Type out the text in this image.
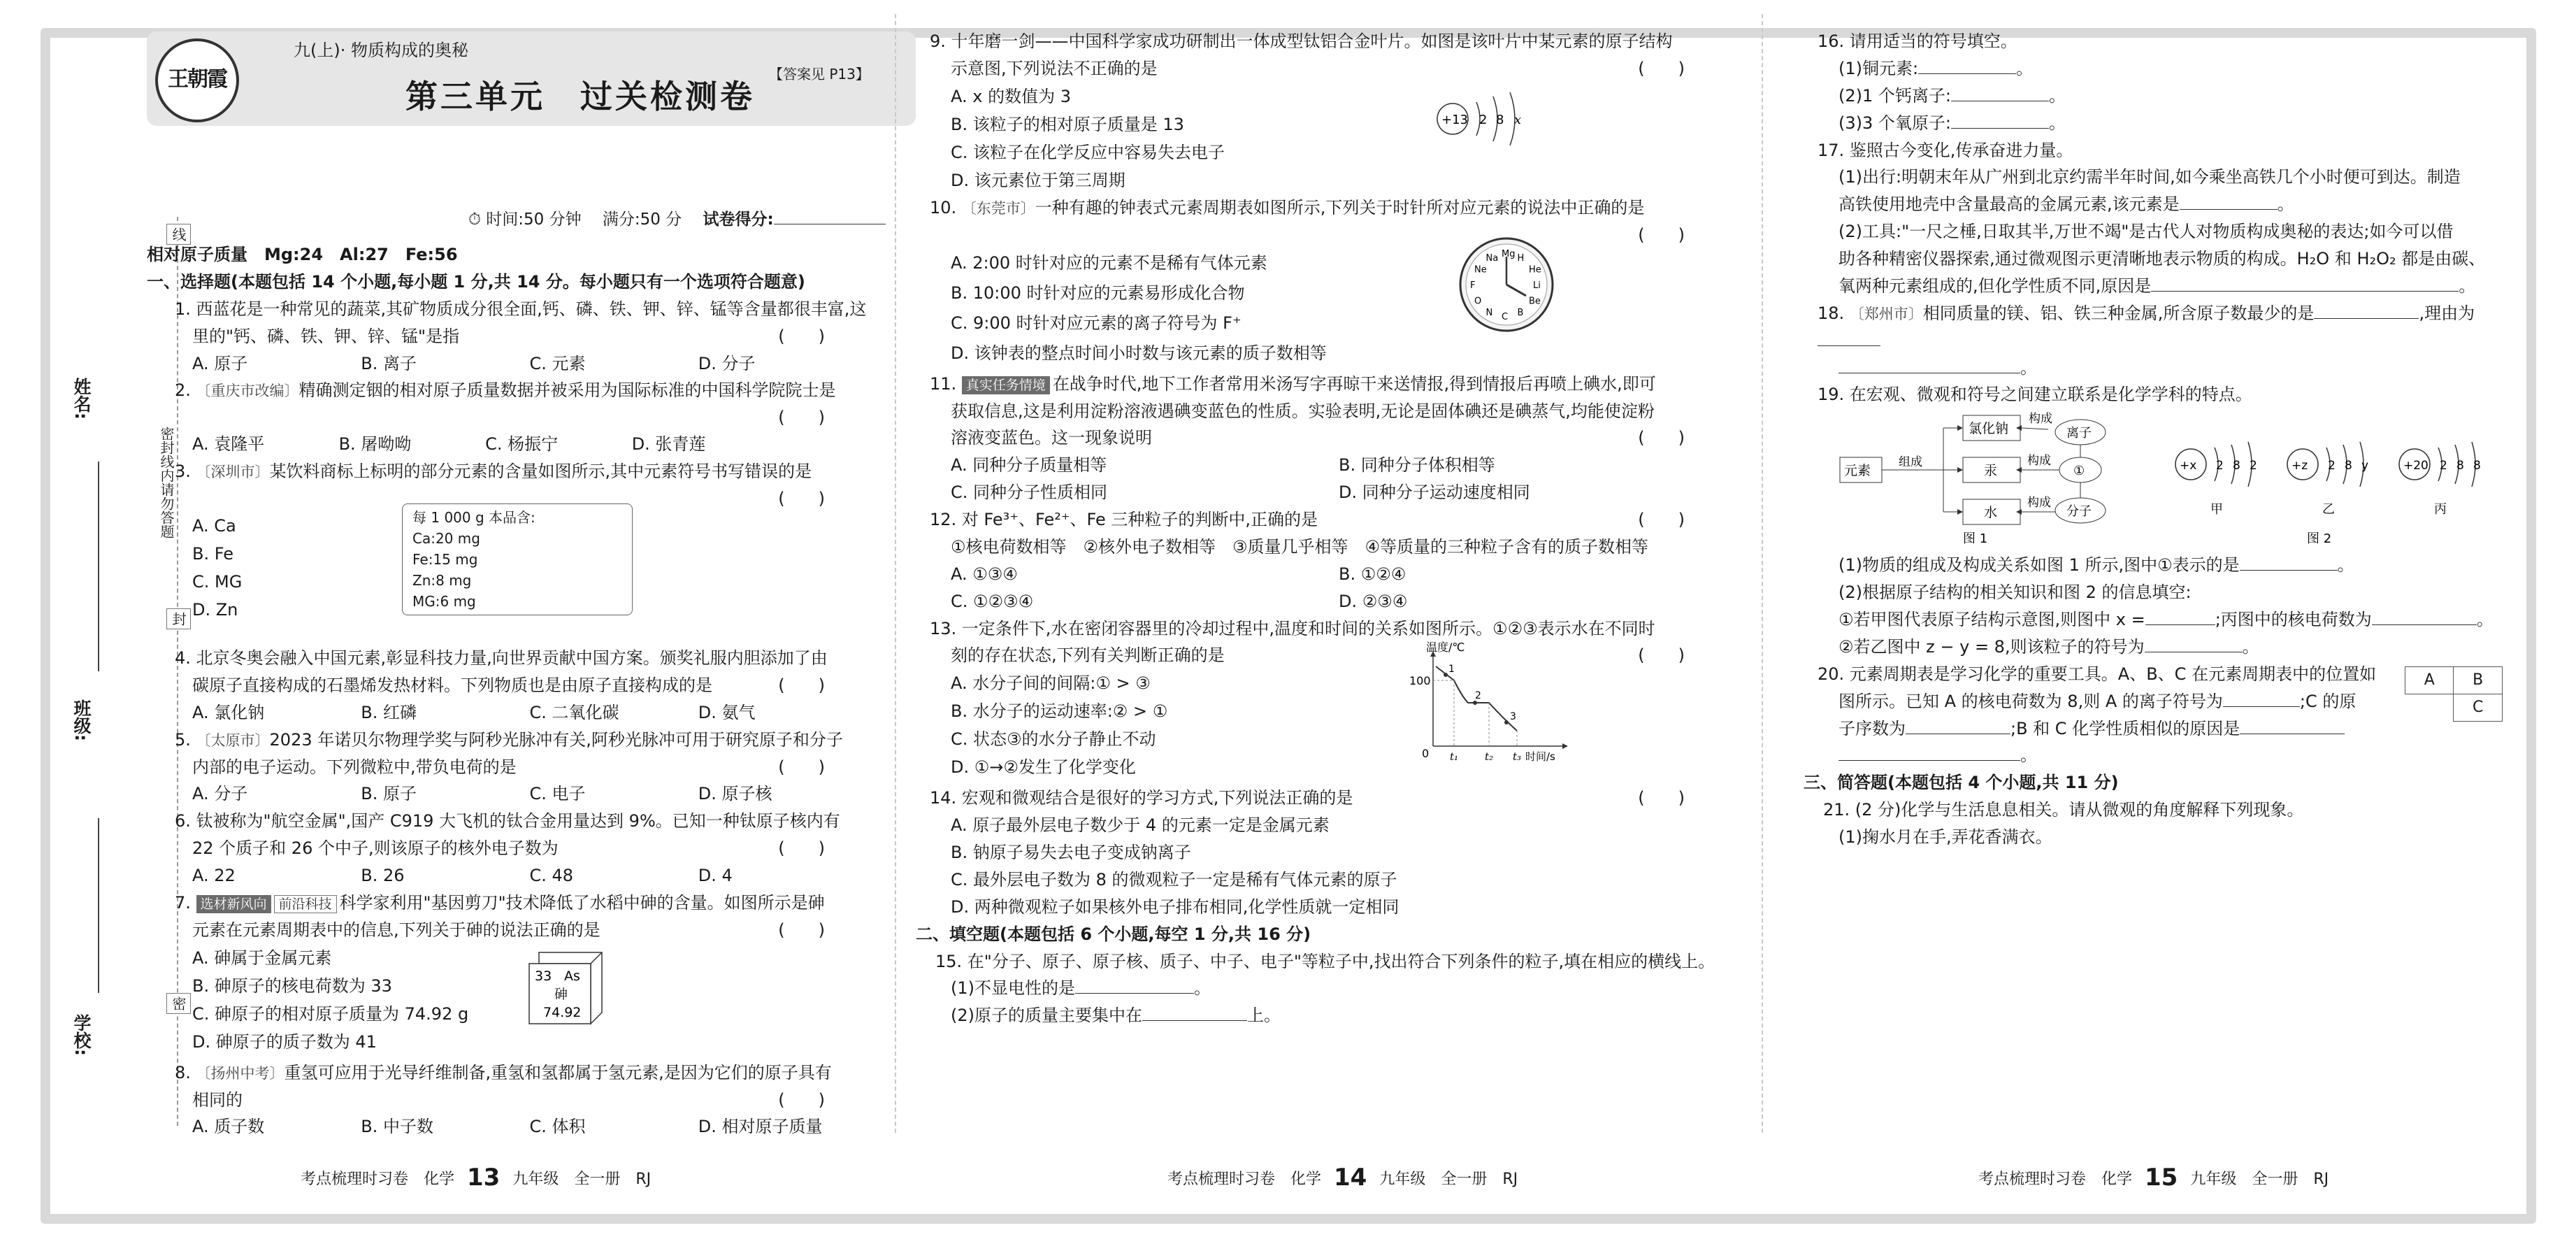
姓名:
班级:
学校:
线
密封线内请勿答题
封
密
王朝霞
九(上)· 物质构成的奥秘
第三单元　过关检测卷
【答案见 P13】
⏱ 时间:50 分钟　 满分:50 分　 试卷得分:

相对原子质量　Mg:24　Al:27　Fe:56

一、选择题(本题包括 14 个小题,每小题 1 分,共 14 分。每小题只有一个选项符合题意)

1. 西蓝花是一种常见的蔬菜,其矿物质成分很全面,钙、磷、铁、钾、锌、锰等含量都很丰富,这

里的"钙、磷、铁、钾、锌、锰"是指	(　　)

A. 原子	B. 离子	C. 元素	D. 分子

2. 〔重庆市改编〕精确测定铟的相对原子质量数据并被采用为国际标准的中国科学院院士是

(　　)

A. 袁隆平	B. 屠呦呦	C. 杨振宁	D. 张青莲

3. 〔深圳市〕某饮料商标上标明的部分元素的含量如图所示,其中元素符号书写错误的是

(　　)

A. Ca

B. Fe

C. MG

D. Zn

每 1 000 g 本品含:
Ca:20 mg
Fe:15 mg
Zn:8 mg
MG:6 mg

4. 北京冬奥会融入中国元素,彰显科技力量,向世界贡献中国方案。颁奖礼服内胆添加了由

碳原子直接构成的石墨烯发热材料。下列物质也是由原子直接构成的是	(　　)

A. 氯化钠	B. 红磷	C. 二氧化碳	D. 氨气

5. 〔太原市〕2023 年诺贝尔物理学奖与阿秒光脉冲有关,阿秒光脉冲可用于研究原子和分子

内部的电子运动。下列微粒中,带负电荷的是	(　　)

A. 分子	B. 原子	C. 电子	D. 原子核

6. 钛被称为"航空金属",国产 C919 大飞机的钛合金用量达到 9%。已知一种钛原子核内有

22 个质子和 26 个中子,则该原子的核外电子数为	(　　)

A. 22	B. 26	C. 48	D. 4

7. 选材新风向 前沿科技 科学家利用"基因剪刀"技术降低了水稻中砷的含量。如图所示是砷

元素在元素周期表中的信息,下列关于砷的说法正确的是	(　　)

A. 砷属于金属元素

B. 砷原子的核电荷数为 33

C. 砷原子的相对原子质量为 74.92 g

D. 砷原子的质子数为 41

33 As
砷
74.92

8. 〔扬州中考〕重氢可应用于光导纤维制备,重氢和氢都属于氢元素,是因为它们的原子具有

相同的	(　　)

A. 质子数	B. 中子数	C. 体积	D. 相对原子质量
考点梳理时习卷　化学 13 九年级　全一册　RJ

9. 十年磨一剑——中国科学家成功研制出一体成型钛铝合金叶片。如图是该叶片中某元素的原子结构

示意图,下列说法不正确的是	(　　)

A. x 的数值为 3

B. 该粒子的相对原子质量是 13

C. 该粒子在化学反应中容易失去电子

D. 该元素位于第三周期

+13 2 8 x

10. 〔东莞市〕一种有趣的钟表式元素周期表如图所示,下列关于时针所对应元素的说法中正确的是

(　　)

A. 2:00 时针对应的元素不是稀有气体元素

B. 10:00 时针对应的元素易形成化合物

C. 9:00 时针对应元素的离子符号为 F⁺

D. 该钟表的整点时间小时数与该元素的质子数相等

H
He
Li
Be
B
C
N
O
F
Ne
Na Mg

11. 真实任务情境 在战争时代,地下工作者常用米汤写字再晾干来送情报,得到情报后再喷上碘水,即可

获取信息,这是利用淀粉溶液遇碘变蓝色的性质。实验表明,无论是固体碘还是碘蒸气,均能使淀粉

溶液变蓝色。这一现象说明	(　　)

A. 同种分子质量相等	B. 同种分子体积相等
C. 同种分子性质相同	D. 同种分子运动速度相同

12. 对 Fe³⁺、Fe²⁺、Fe 三种粒子的判断中,正确的是	(　　)

①核电荷数相等　②核外电子数相等　③质量几乎相等　④等质量的三种粒子含有的质子数相等

A. ①③④	B. ①②④
C. ①②③④	D. ②③④

13. 一定条件下,水在密闭容器里的冷却过程中,温度和时间的关系如图所示。①②③表示水在不同时

刻的存在状态,下列有关判断正确的是	(　　)

A. 水分子间的间隔:① > ③

B. 水分子的运动速率:② > ①

C. 状态③的水分子静止不动

D. ①→②发生了化学变化

温度/℃
100
0
1
2
3
t₁	t₂ t₃ 时间/s

14. 宏观和微观结合是很好的学习方式,下列说法正确的是	(　　)

A. 原子最外层电子数少于 4 的元素一定是金属元素

B. 钠原子易失去电子变成钠离子

C. 最外层电子数为 8 的微观粒子一定是稀有气体元素的原子

D. 两种微观粒子如果核外电子排布相同,化学性质就一定相同

二、填空题(本题包括 6 个小题,每空 1 分,共 16 分)

15. 在"分子、原子、原子核、质子、中子、电子"等粒子中,找出符合下列条件的粒子,填在相应的横线上。

(1)不显电性的是	。

(2)原子的质量主要集中在	上。

考点梳理时习卷　化学 14 九年级　全一册　RJ

16. 请用适当的符号填空。

(1)铜元素:	。

(2)1 个钙离子:	。

(3)3 个氧原子:	。

17. 鉴照古今变化,传承奋进力量。

(1)出行:明朝末年从广州到北京约需半年时间,如今乘坐高铁几个小时便可到达。制造

高铁使用地壳中含量最高的金属元素,该元素是	。

(2)工具:"一尺之棰,日取其半,万世不竭"是古代人对物质构成奥秘的表达;如今可以借

助各种精密仪器探索,通过微观图示更清晰地表示物质的构成。H₂O 和 H₂O₂ 都是由碳、

氧两种元素组成的,但化学性质不同,原因是	。

18. 〔郑州市〕相同质量的镁、铝、铁三种金属,所含原子数最少的是	,理由为

。

19. 在宏观、微观和符号之间建立联系是化学学科的特点。

元素
组成
氯化钠
汞
水
构成
构成
构成
离子
①
分子
图 1
+x 2 8 2
甲
+z 2 8 y
乙
+20 2 8 8
丙
图 2

(1)物质的组成及构成关系如图 1 所示,图中①表示的是	。

(2)根据原子结构的相关知识和图 2 的信息填空:

①若甲图代表原子结构示意图,则图中 x =	;丙图中的核电荷数为	。

②若乙图中 z − y = 8,则该粒子的符号为	。

20. 元素周期表是学习化学的重要工具。A、B、C 在元素周期表中的位置如

图所示。已知 A 的核电荷数为 8,则 A 的离子符号为	;C 的原

子序数为	;B 和 C 化学性质相似的原因是

。

A	B
	C

三、简答题(本题包括 4 个小题,共 11 分)

21. (2 分)化学与生活息息相关。请从微观的角度解释下列现象。

(1)掬水月在手,弄花香满衣。

考点梳理时习卷　化学 15 九年级　全一册　RJ
